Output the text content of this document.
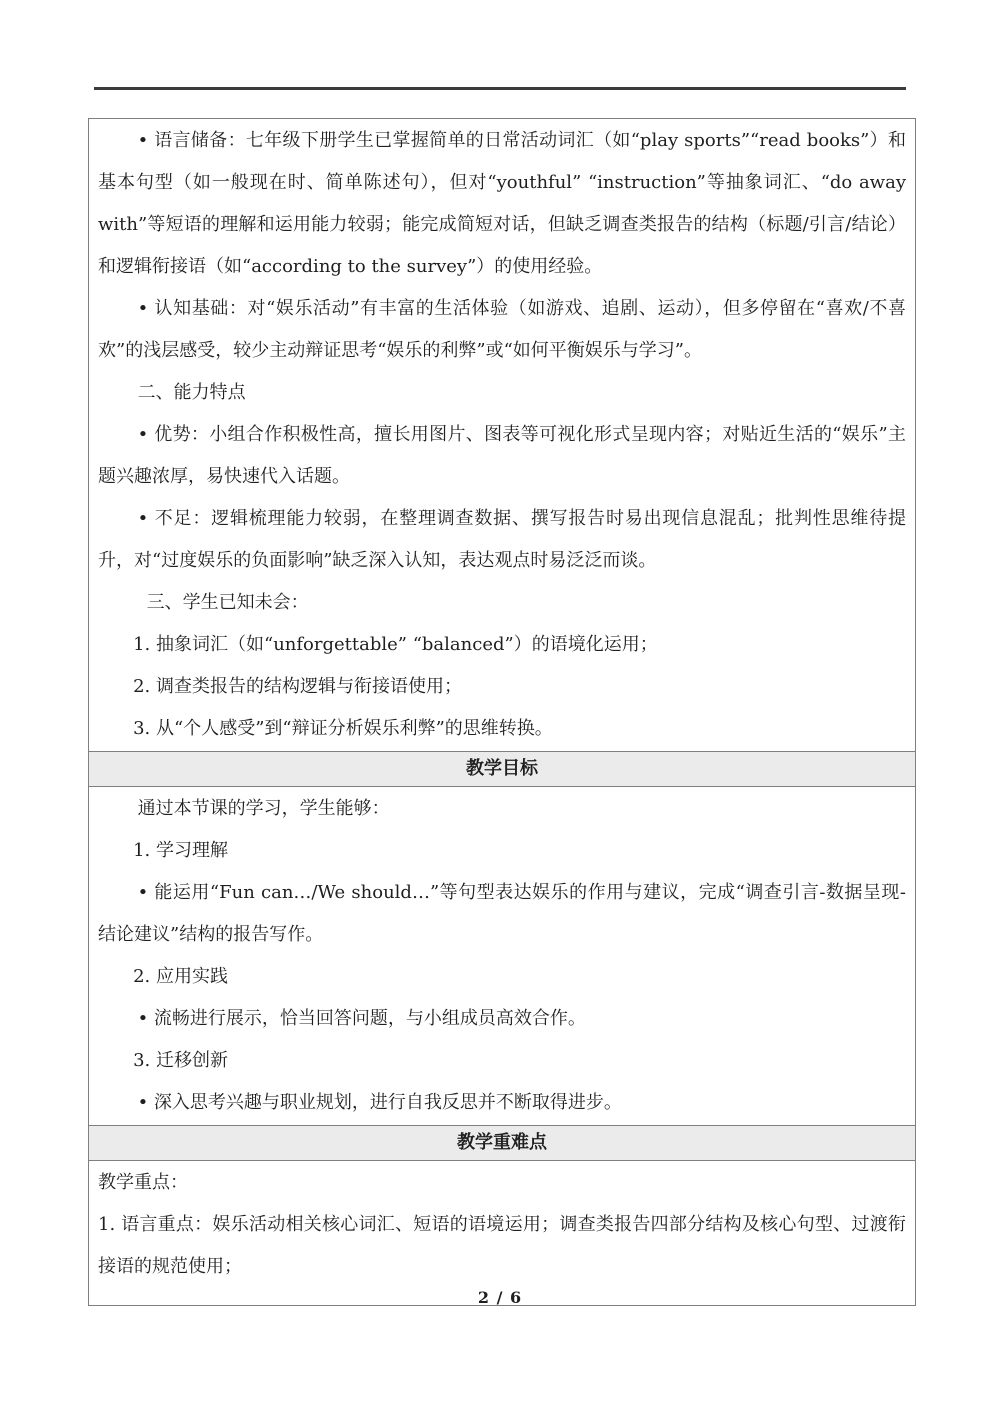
• 语言储备：七年级下册学生已掌握简单的日常活动词汇（如“play sports”“read books”）和基本句型（如一般现在时、简单陈述句），但对“youthful” “instruction”等抽象词汇、“do away with”等短语的理解和运用能力较弱；能完成简短对话，但缺乏调查类报告的结构（标题/引言/结论）和逻辑衔接语（如“according to the survey”）的使用经验。

• 认知基础：对“娱乐活动”有丰富的生活体验（如游戏、追剧、运动），但多停留在“喜欢/不喜欢”的浅层感受，较少主动辩证思考“娱乐的利弊”或“如何平衡娱乐与学习”。

二、能力特点

• 优势：小组合作积极性高，擅长用图片、图表等可视化形式呈现内容；对贴近生活的“娱乐”主题兴趣浓厚，易快速代入话题。

• 不足：逻辑梳理能力较弱，在整理调查数据、撰写报告时易出现信息混乱；批判性思维待提升，对“过度娱乐的负面影响”缺乏深入认知，表达观点时易泛泛而谈。

三、学生已知未会：

1. 抽象词汇（如“unforgettable” “balanced”）的语境化运用；

2. 调查类报告的结构逻辑与衔接语使用；

3. 从“个人感受”到“辩证分析娱乐利弊”的思维转换。

教学目标

通过本节课的学习，学生能够：

1. 学习理解

• 能运用“Fun can…/We should…”等句型表达娱乐的作用与建议，完成“调查引言-数据呈现-结论建议”结构的报告写作。

2. 应用实践

• 流畅进行展示，恰当回答问题，与小组成员高效合作。

3. 迁移创新

• 深入思考兴趣与职业规划，进行自我反思并不断取得进步。

教学重难点

教学重点：

1. 语言重点：娱乐活动相关核心词汇、短语的语境运用；调查类报告四部分结构及核心句型、过渡衔接语的规范使用；

2 / 6
